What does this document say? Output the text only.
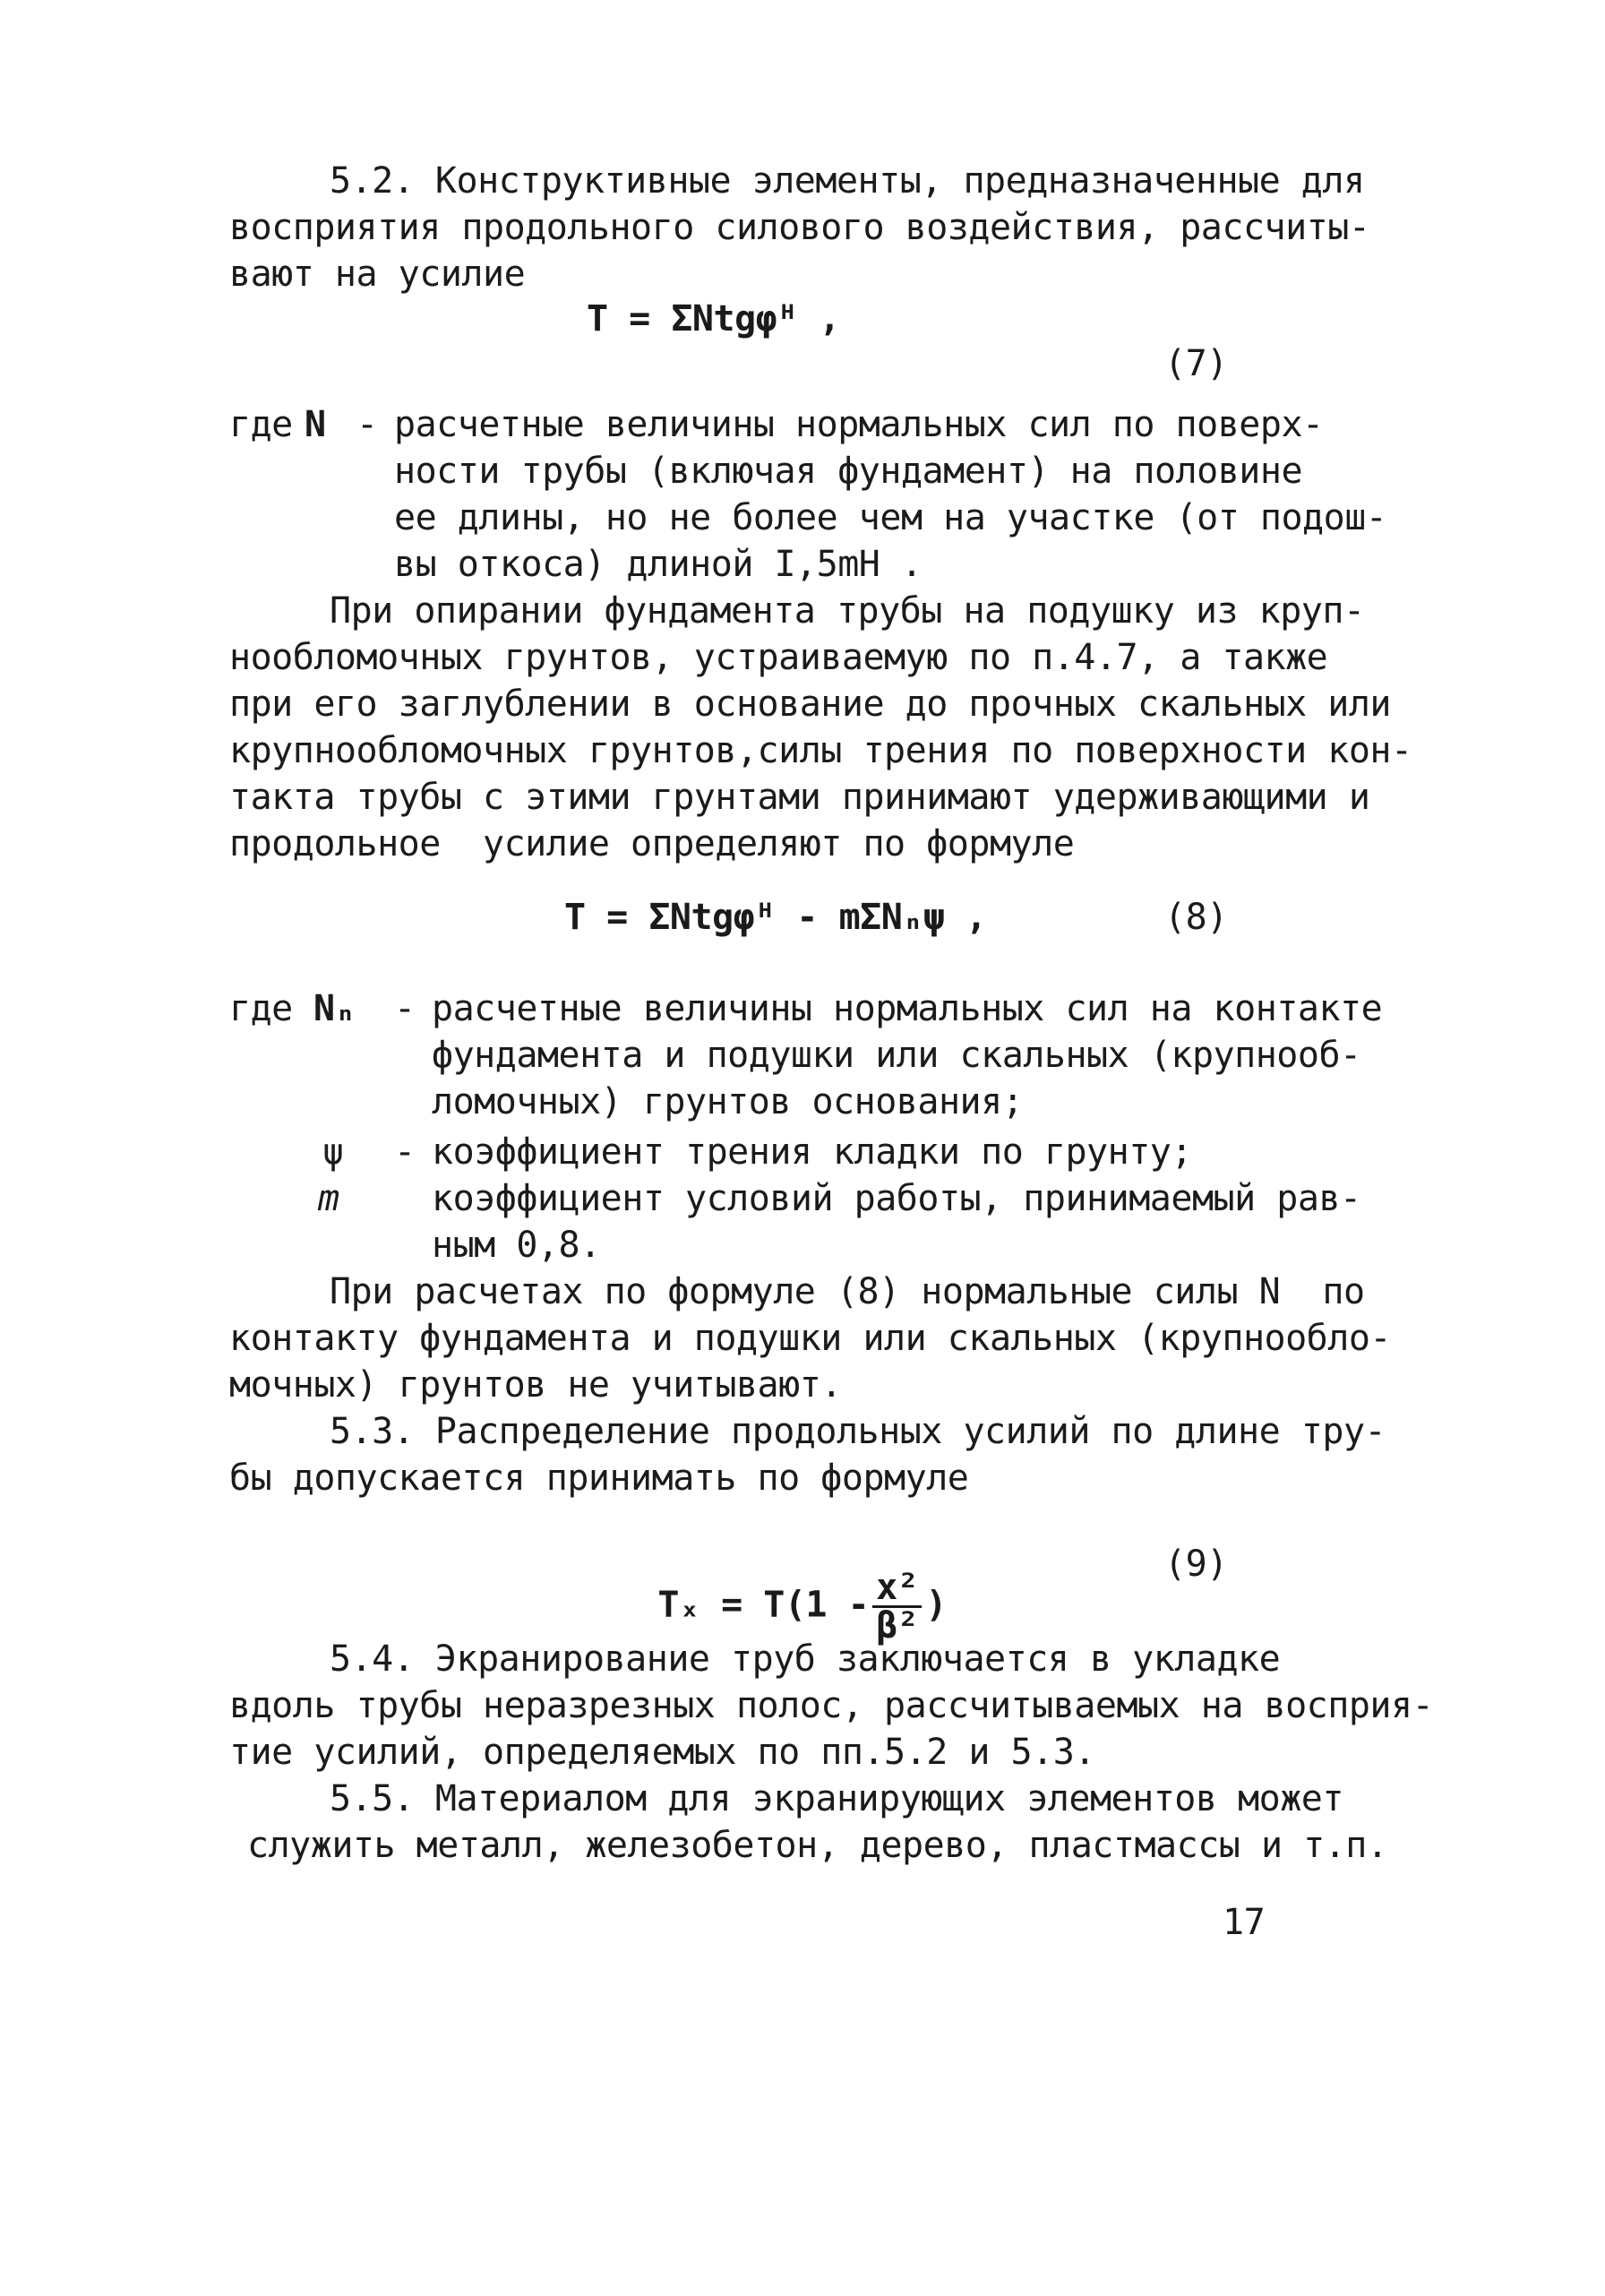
5.2. Конструктивные элементы, предназначенные для
восприятия продольного силового воздействия, рассчиты-
вают на усилие
T = ΣNtgφᴴ ,
(7)
где N - расчетные величины нормальных сил по поверх-
ности трубы (включая фундамент) на половине
ее длины, но не более чем на участке (от подош-
вы откоса) длиной I,5mH .
При опирании фундамента трубы на подушку из круп-
нообломочных грунтов, устраиваемую по п.4.7, а также
при его заглублении в основание до прочных скальных или
крупнообломочных грунтов,силы трения по поверхности кон-
такта трубы с этими грунтами принимают удерживающими и
продольное  усилие определяют по формуле
T = ΣNtgφᴴ - mΣNₙψ ,	(8)
где Nₙ - расчетные величины нормальных сил на контакте
фундамента и подушки или скальных (крупнооб-
ломочных) грунтов основания;
ψ - коэффициент трения кладки по грунту;
m	коэффициент условий работы, принимаемый рав-
ным 0,8.
При расчетах по формуле (8) нормальные силы N  по
контакту фундамента и подушки или скальных (крупнообло-
мочных) грунтов не учитывают.
5.3. Распределение продольных усилий по длине тру-
бы допускается принимать по формуле

$T_x = T(1 - \frac{\text{x²}}{\text{β²}}$ )

(9)
5.4. Экранирование труб заключается в укладке
вдоль трубы неразрезных полос, рассчитываемых на восприя-
тие усилий, определяемых по пп.5.2 и 5.3.
5.5. Материалом для экранирующих элементов может
служить металл, железобетон, дерево, пластмассы и т.п.
17
